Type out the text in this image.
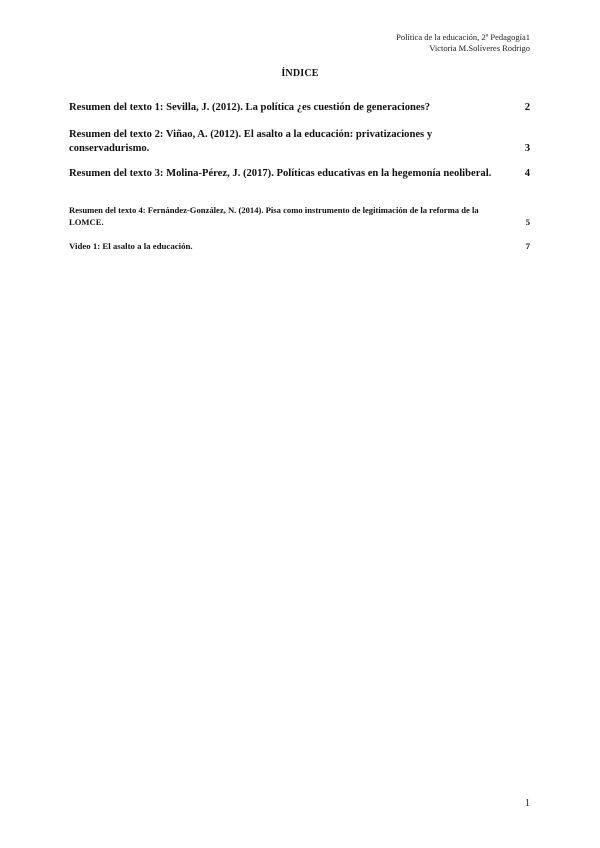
Política de la educación, 2º Pedagogía1
Victoria M.Solíveres Rodrigo
ÍNDICE
Resumen del texto 1: Sevilla, J. (2012). La política ¿es cuestión de generaciones?	2
Resumen del texto 2: Viñao, A. (2012). El asalto a la educación: privatizaciones y conservadurismo.	3
Resumen del texto 3: Molina-Pérez, J. (2017). Políticas educativas en la hegemonía neoliberal.	4
Resumen del texto 4: Fernández-González, N. (2014). Pisa como instrumento de legitimación de la reforma de la LOMCE.	5
Video 1: El asalto a la educación.	7
1
